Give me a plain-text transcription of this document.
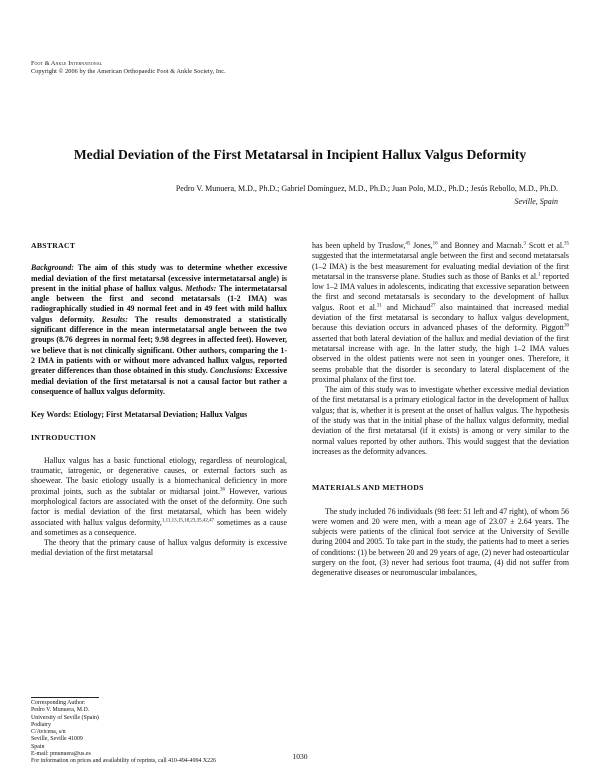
Foot & Ankle International
Copyright © 2006 by the American Orthopaedic Foot & Ankle Society, Inc.
Medial Deviation of the First Metatarsal in Incipient Hallux Valgus Deformity
Pedro V. Munuera, M.D., Ph.D.; Gabriel Domínguez, M.D., Ph.D.; Juan Polo, M.D., Ph.D.; Jesús Rebollo, M.D., Ph.D.
Seville, Spain
ABSTRACT
Background: The aim of this study was to determine whether excessive medial deviation of the first metatarsal (excessive intermetatarsal angle) is present in the initial phase of hallux valgus. Methods: The intermetatarsal angle between the first and second metatarsals (1-2 IMA) was radiographically studied in 49 normal feet and in 49 feet with mild hallux valgus deformity. Results: The results demonstrated a statistically significant difference in the mean intermetatarsal angle between the two groups (8.76 degrees in normal feet; 9.98 degrees in affected feet). However, we believe that is not clinically significant. Other authors, comparing the 1-2 IMA in patients with or without more advanced hallux valgus, reported greater differences than those obtained in this study. Conclusions: Excessive medial deviation of the first metatarsal is not a causal factor but rather a consequence of hallux valgus deformity.
Key Words: Etiology; First Metatarsal Deviation; Hallux Valgus
INTRODUCTION

Hallux valgus has a basic functional etiology, regardless of neurological, traumatic, iatrogenic, or degenerative causes, or external factors such as shoewear. The basic etiology usually is a biomechanical deficiency in more proximal joints, such as the subtalar or midtarsal joint.$^{36}$ However, various morphological factors are associated with the onset of the deformity. One such factor is medial deviation of the first metatarsal, which has been widely associated with hallux valgus deformity,$^{1,11,13,15,18,23,35,42,47}$ sometimes as a cause and sometimes as a consequence.

The theory that the primary cause of hallux valgus deformity is excessive medial deviation of the first metatarsal

has been upheld by Truslow,$^{45}$ Jones,$^{16}$ and Bonney and Macnab.$^3$ Scott et al.$^{35}$ suggested that the intermetatarsal angle between the first and second metatarsals (1–2 IMA) is the best measurement for evaluating medial deviation of the first metatarsal in the transverse plane. Studies such as those of Banks et al.$^1$ reported low 1–2 IMA values in adolescents, indicating that excessive separation between the first and second metatarsals is secondary to the development of hallux valgus. Root et al.$^{31}$ and Michaud$^{27}$ also maintained that increased medial deviation of the first metatarsal is secondary to hallux valgus development, because this deviation occurs in advanced phases of the deformity. Piggott$^{30}$ asserted that both lateral deviation of the hallux and medial deviation of the first metatarsal increase with age. In the latter study, the high 1–2 IMA values observed in the oldest patients were not seen in younger ones. Therefore, it seems probable that the disorder is secondary to lateral displacement of the proximal phalanx of the first toe.

The aim of this study was to investigate whether excessive medial deviation of the first metatarsal is a primary etiological factor in the development of hallux valgus; that is, whether it is present at the onset of hallux valgus. The hypothesis of the study was that in the initial phase of the hallux valgus deformity, medial deviation of the first metatarsal (if it exists) is among or very similar to the normal values reported by other authors. This would suggest that the deviation increases as the deformity advances.

MATERIALS AND METHODS

The study included 76 individuals (98 feet: 51 left and 47 right), of whom 56 were women and 20 were men, with a mean age of 23.07 ± 2.64 years. The subjects were patients of the clinical foot service at the University of Seville during 2004 and 2005. To take part in the study, the patients had to meet a series of conditions: (1) be between 20 and 29 years of age, (2) never had osteoarticular surgery on the foot, (3) never had serious foot trauma, (4) did not suffer from degenerative diseases or neuromuscular imbalances,

Corresponding Author:
Pedro V. Munuera, M.D.
University of Seville (Spain)
Podiatry
C/Avicena, s/n
Seville, Seville 41009
Spain
E-mail: pmunuera@us.es
For information on prices and availability of reprints, call 410-494-4994 X226
1030
